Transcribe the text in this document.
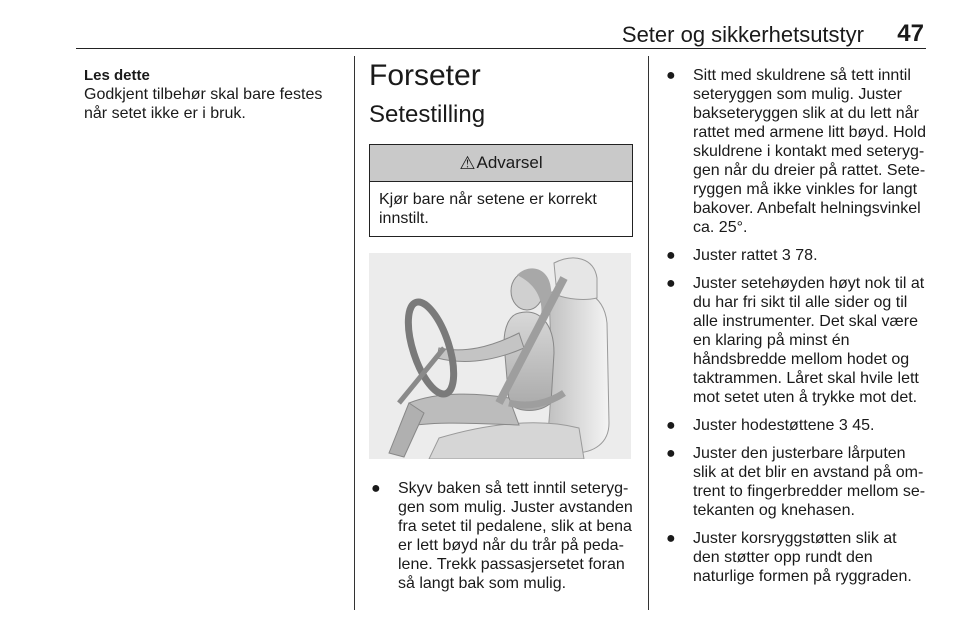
Seter og sikkerhetsutstyr 47
Les dette
Godkjent tilbehør skal bare festes når setet ikke er i bruk.
Forseter
Setestilling
⚠ Advarsel
Kjør bare når setene er korrekt innstilt.
● Skyv baken så tett inntil seteryg-gen som mulig. Juster avstanden fra setet til pedalene, slik at bena er lett bøyd når du trår på peda-lene. Trekk passasjersetet foran så langt bak som mulig.
● Sitt med skuldrene så tett inntil seteryggen som mulig. Juster bakseteryggen slik at du lett når rattet med armene litt bøyd. Hold skuldrene i kontakt med seteryg-gen når du dreier på rattet. Sete-ryggen må ikke vinkles for langt bakover. Anbefalt helningsvinkel ca. 25°.
● Juster rattet 3 78.
● Juster setehøyden høyt nok til at du har fri sikt til alle sider og til alle instrumenter. Det skal være en klaring på minst én håndsbredde mellom hodet og taktrammen. Låret skal hvile lett mot setet uten å trykke mot det.
● Juster hodestøttene 3 45.
● Juster den justerbare lårputen slik at det blir en avstand på om-trent to fingerbredder mellom se-tekanten og knehasen.
● Juster korsryggstøtten slik at den støtter opp rundt den naturlige formen på ryggraden.
